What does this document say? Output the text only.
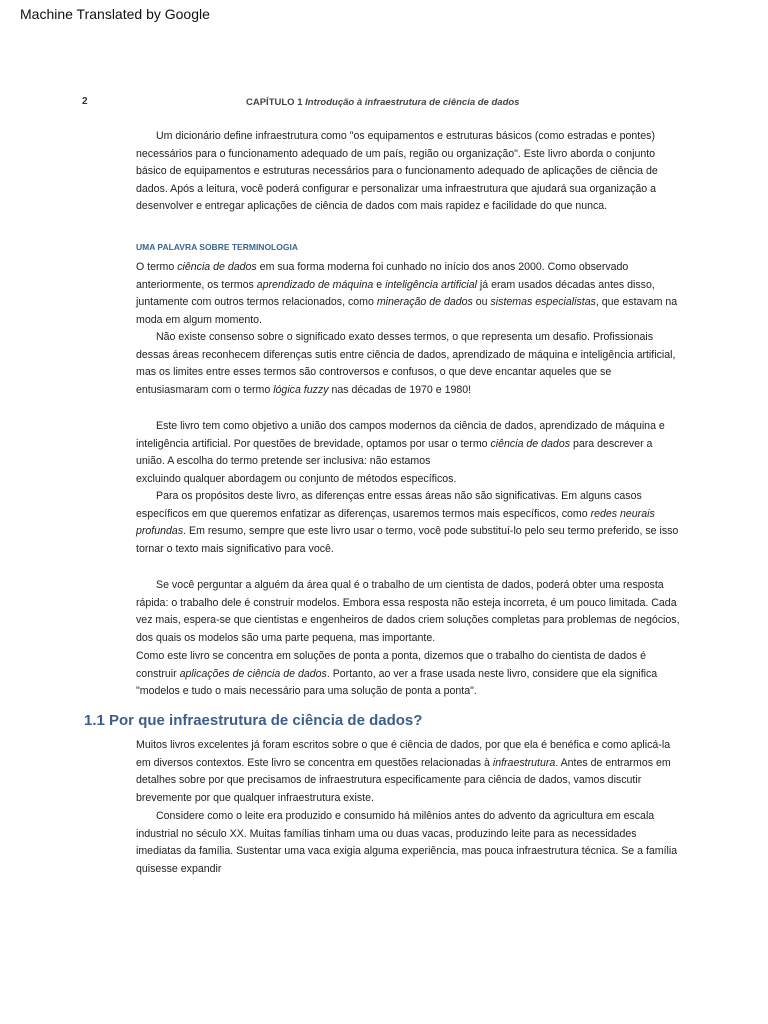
Machine Translated by Google
2	CAPÍTULO 1 Introdução à infraestrutura de ciência de dados

Um dicionário define infraestrutura como "os equipamentos e estruturas básicos (como estradas e pontes) necessários para o funcionamento adequado de um país, região ou organização". Este livro aborda o conjunto básico de equipamentos e estruturas necessários para o funcionamento adequado de aplicações de ciência de dados. Após a leitura, você poderá configurar e personalizar uma infraestrutura que ajudará sua organização a desenvolver e entregar aplicações de ciência de dados com mais rapidez e facilidade do que nunca.

UMA PALAVRA SOBRE TERMINOLOGIA

O termo ciência de dados em sua forma moderna foi cunhado no início dos anos 2000. Como observado anteriormente, os termos aprendizado de máquina e inteligência artificial já eram usados décadas antes disso, juntamente com outros termos relacionados, como mineração de dados ou sistemas especialistas, que estavam na moda em algum momento.

Não existe consenso sobre o significado exato desses termos, o que representa um desafio. Profissionais dessas áreas reconhecem diferenças sutis entre ciência de dados, aprendizado de máquina e inteligência artificial, mas os limites entre esses termos são controversos e confusos, o que deve encantar aqueles que se entusiasmaram com o termo lógica fuzzy nas décadas de 1970 e 1980!

Este livro tem como objetivo a união dos campos modernos da ciência de dados, aprendizado de máquina e inteligência artificial. Por questões de brevidade, optamos por usar o termo ciência de dados para descrever a união. A escolha do termo pretende ser inclusiva: não estamos
excluindo qualquer abordagem ou conjunto de métodos específicos.

Para os propósitos deste livro, as diferenças entre essas áreas não são significativas. Em alguns casos específicos em que queremos enfatizar as diferenças, usaremos termos mais específicos, como redes neurais profundas. Em resumo, sempre que este livro usar o termo, você pode substituí-lo pelo seu termo preferido, se isso tornar o texto mais significativo para você.

Se você perguntar a alguém da área qual é o trabalho de um cientista de dados, poderá obter uma resposta rápida: o trabalho dele é construir modelos. Embora essa resposta não esteja incorreta, é um pouco limitada. Cada vez mais, espera-se que cientistas e engenheiros de dados criem soluções completas para problemas de negócios, dos quais os modelos são uma parte pequena, mas importante.

Como este livro se concentra em soluções de ponta a ponta, dizemos que o trabalho do cientista de dados é construir aplicações de ciência de dados. Portanto, ao ver a frase usada neste livro, considere que ela significa "modelos e tudo o mais necessário para uma solução de ponta a ponta".

1.1 Por que infraestrutura de ciência de dados?

Muitos livros excelentes já foram escritos sobre o que é ciência de dados, por que ela é benéfica e como aplicá-la em diversos contextos. Este livro se concentra em questões relacionadas à infraestrutura. Antes de entrarmos em detalhes sobre por que precisamos de infraestrutura especificamente para ciência de dados, vamos discutir brevemente por que qualquer infraestrutura existe.

Considere como o leite era produzido e consumido há milênios antes do advento da agricultura em escala industrial no século XX. Muitas famílias tinham uma ou duas vacas, produzindo leite para as necessidades imediatas da família. Sustentar uma vaca exigia alguma experiência, mas pouca infraestrutura técnica. Se a família quisesse expandir
